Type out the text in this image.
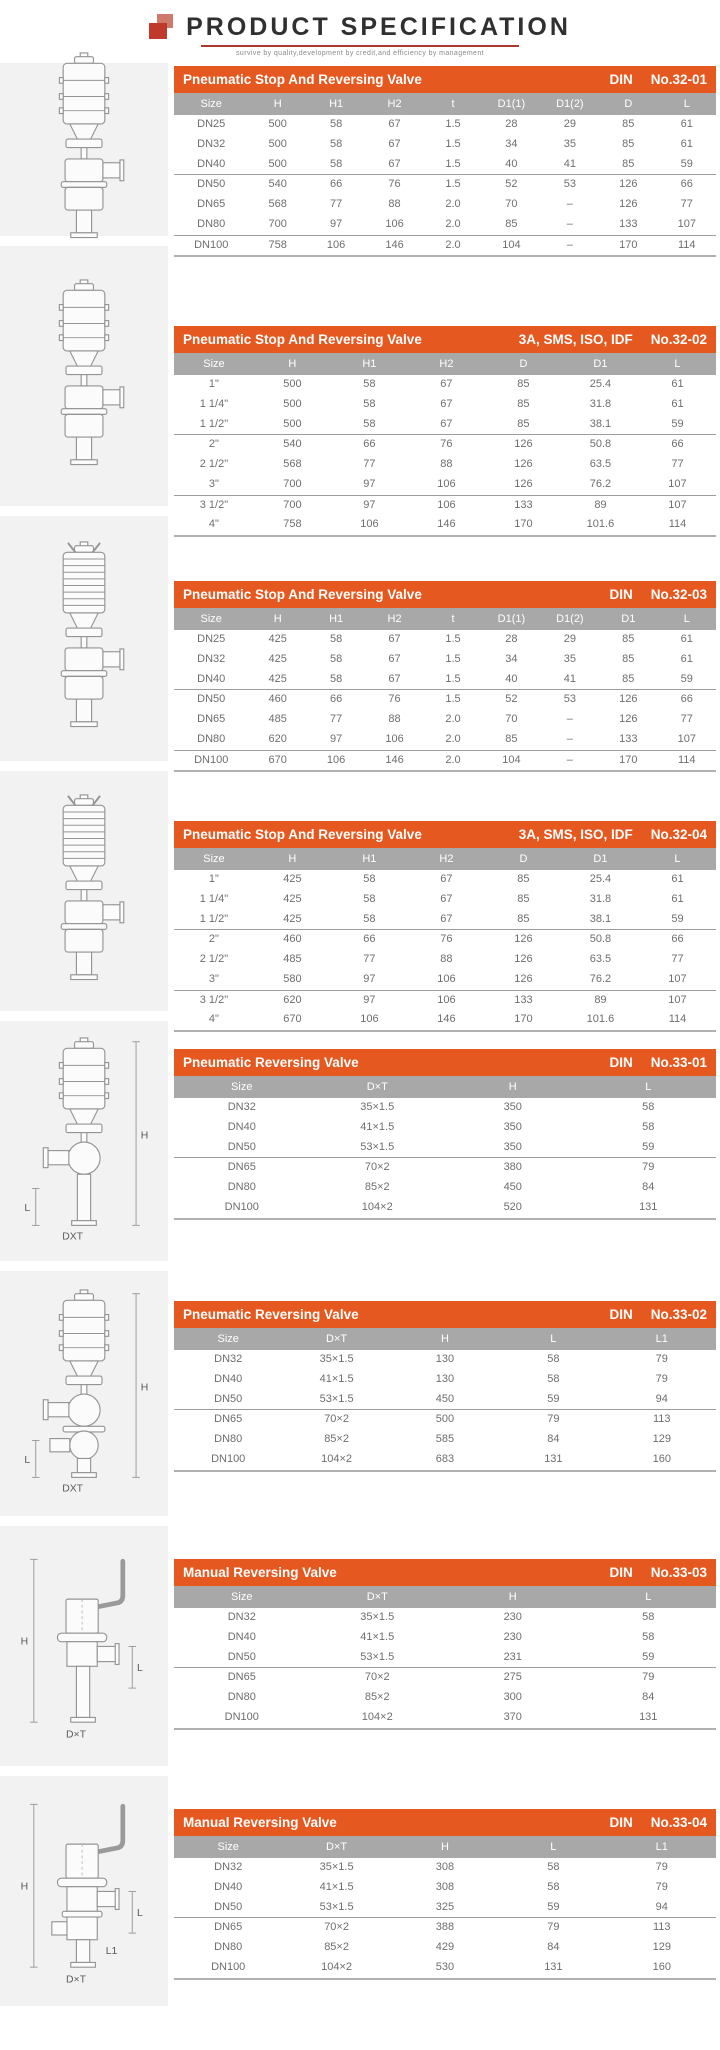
PRODUCT SPECIFICATION
survive by quality,development by credit,and efficiency by management
Pneumatic Stop And Reversing Valve	DIN No.32-01
Size	H	H1	H2	t	D1(1)	D1(2)	D	L
DN25	500	58	67	1.5	28	29	85	61
DN32	500	58	67	1.5	34	35	85	61
DN40	500	58	67	1.5	40	41	85	59
DN50	540	66	76	1.5	52	53	126	66
DN65	568	77	88	2.0	70	–	126	77
DN80	700	97	106	2.0	85	–	133	107
DN100	758	106	146	2.0	104	–	170	114
Pneumatic Stop And Reversing Valve	3A, SMS, ISO, IDF No.32-02
Size	H	H1	H2	D	D1	L
1"	500	58	67	85	25.4	61
1 1/4"	500	58	67	85	31.8	61
1 1/2"	500	58	67	85	38.1	59
2"	540	66	76	126	50.8	66
2 1/2"	568	77	88	126	63.5	77
3"	700	97	106	126	76.2	107
3 1/2"	700	97	106	133	89	107
4"	758	106	146	170	101.6	114
Pneumatic Stop And Reversing Valve	DIN No.32-03
Size	H	H1	H2	t	D1(1)	D1(2)	D1	L
DN25	425	58	67	1.5	28	29	85	61
DN32	425	58	67	1.5	34	35	85	61
DN40	425	58	67	1.5	40	41	85	59
DN50	460	66	76	1.5	52	53	126	66
DN65	485	77	88	2.0	70	–	126	77
DN80	620	97	106	2.0	85	–	133	107
DN100	670	106	146	2.0	104	–	170	114
Pneumatic Stop And Reversing Valve	3A, SMS, ISO, IDF No.32-04
Size	H	H1	H2	D	D1	L
1"	425	58	67	85	25.4	61
1 1/4"	425	58	67	85	31.8	61
1 1/2"	425	58	67	85	38.1	59
2"	460	66	76	126	50.8	66
2 1/2"	485	77	88	126	63.5	77
3"	580	97	106	126	76.2	107
3 1/2"	620	97	106	133	89	107
4"	670	106	146	170	101.6	114
H
L
DXT
Pneumatic Reversing Valve	DIN No.33-01
Size	D×T	H	L
DN32	35×1.5	350	58
DN40	41×1.5	350	58
DN50	53×1.5	350	59
DN65	70×2	380	79
DN80	85×2	450	84
DN100	104×2	520	131
H
L
DXT
Pneumatic Reversing Valve	DIN No.33-02
Size	D×T	H	L	L1
DN32	35×1.5	130	58	79
DN40	41×1.5	130	58	79
DN50	53×1.5	450	59	94
DN65	70×2	500	79	113
DN80	85×2	585	84	129
DN100	104×2	683	131	160
H
L
D×T
Manual Reversing Valve	DIN No.33-03
Size	D×T	H	L
DN32	35×1.5	230	58
DN40	41×1.5	230	58
DN50	53×1.5	231	59
DN65	70×2	275	79
DN80	85×2	300	84
DN100	104×2	370	131
H
L
L1
D×T
Manual Reversing Valve	DIN No.33-04
Size	D×T	H	L	L1
DN32	35×1.5	308	58	79
DN40	41×1.5	308	58	79
DN50	53×1.5	325	59	94
DN65	70×2	388	79	113
DN80	85×2	429	84	129
DN100	104×2	530	131	160
